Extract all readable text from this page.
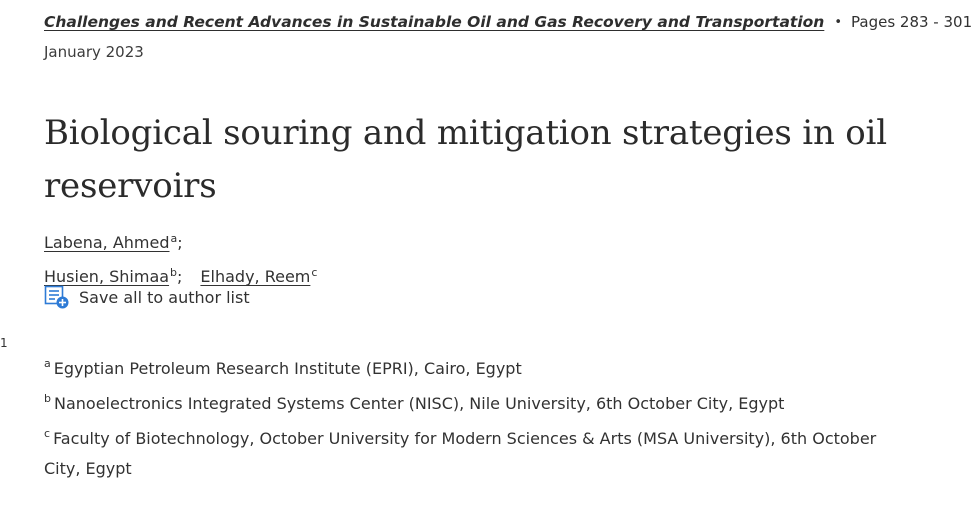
Challenges and Recent Advances in Sustainable Oil and Gas Recovery and Transportation • Pages 283 - 301
January 2023
Biological souring and mitigation strategies in oil reservoirs
Labena, Ahmed$^a$;
Husien, Shimaa$^b$; Elhady, Reem$^c$
Save all to author list
1
$^a$ Egyptian Petroleum Research Institute (EPRI), Cairo, Egypt
$^b$ Nanoelectronics Integrated Systems Center (NISC), Nile University, 6th October City, Egypt
$^c$ Faculty of Biotechnology, October University for Modern Sciences & Arts (MSA University), 6th October City, Egypt
